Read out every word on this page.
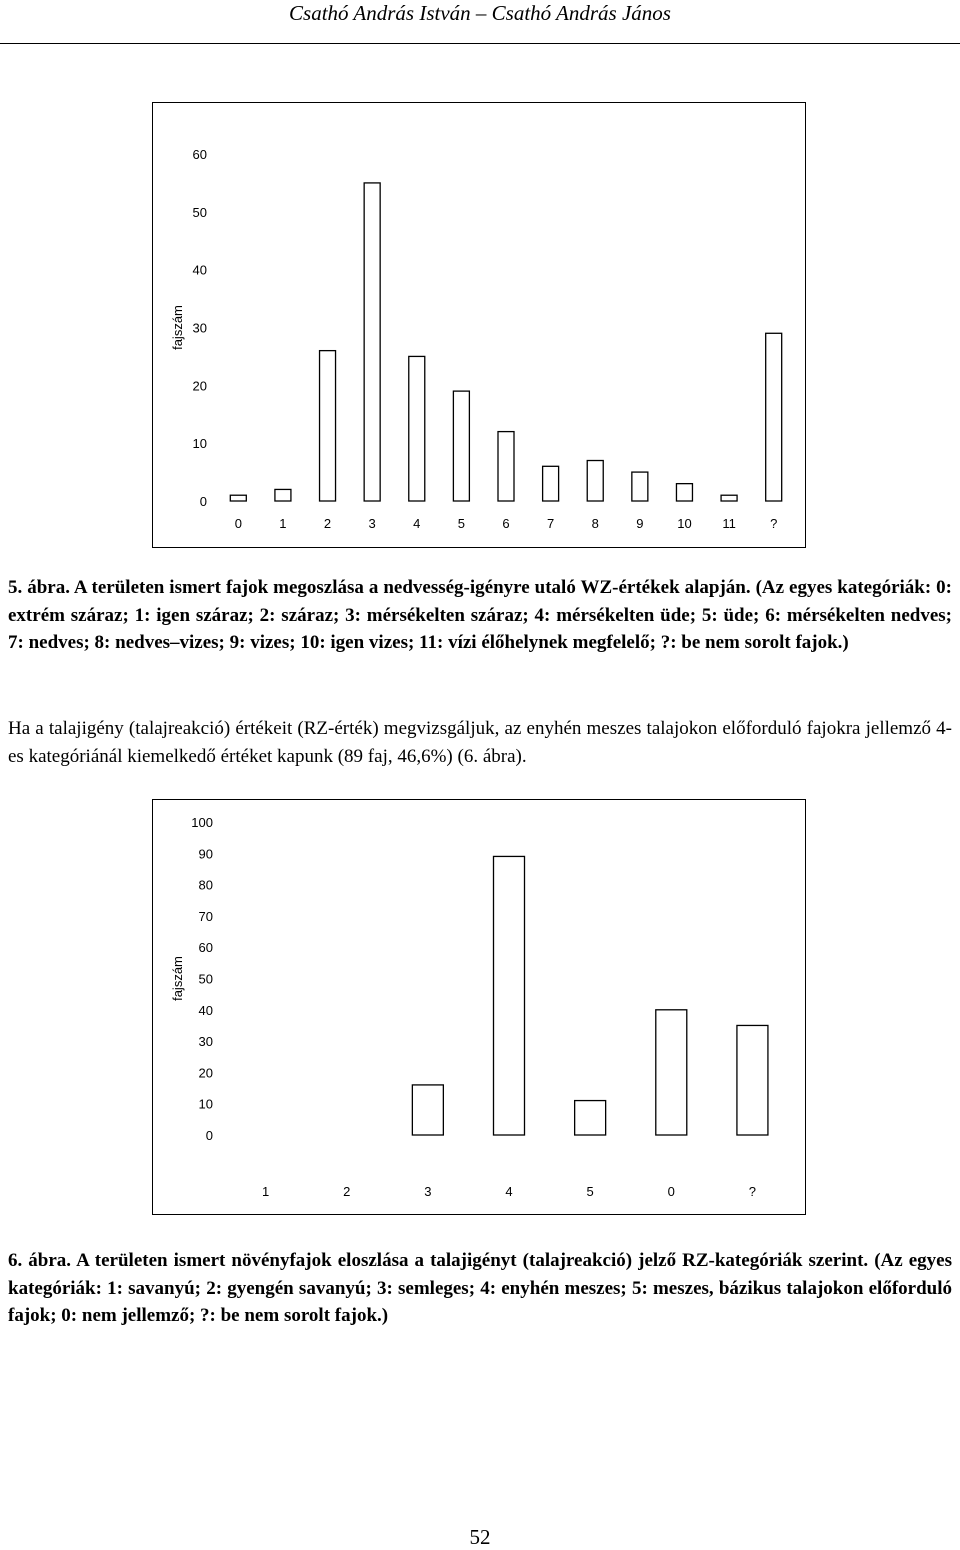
Csathó András István – Csathó András János
0
10
20
30
40
50
60
fajszám
0	1	2	3	4	5	6	7	8	9	10 11	?
5. ábra. A területen ismert fajok megoszlása a nedvesség-igényre utaló WZ-értékek alapján. (Az egyes kategóriák: 0: extrém száraz; 1: igen száraz; 2: száraz; 3: mérsékelten száraz; 4: mérsékelten üde; 5: üde; 6: mérsékelten nedves; 7: nedves; 8: nedves–vizes; 9: vizes; 10: igen vizes; 11: vízi élőhelynek megfelelő; ?: be nem sorolt fajok.)
Ha a talajigény (talajreakció) értékeit (RZ-érték) megvizsgáljuk, az enyhén meszes talajokon előforduló fajokra jellemző 4-es kategóriánál kiemelkedő értéket kapunk (89 faj, 46,6%) (6. ábra).
0
10
20
30
40
50
60
70
80
90
100
fajszám
1	2	3	4	5	0	?
6. ábra. A területen ismert növényfajok eloszlása a talajigényt (talajreakció) jelző RZ-kategóriák szerint. (Az egyes kategóriák: 1: savanyú; 2: gyengén savanyú; 3: semleges; 4: enyhén meszes; 5: meszes, bázikus talajokon előforduló fajok; 0: nem jellemző; ?: be nem sorolt fajok.)
52
